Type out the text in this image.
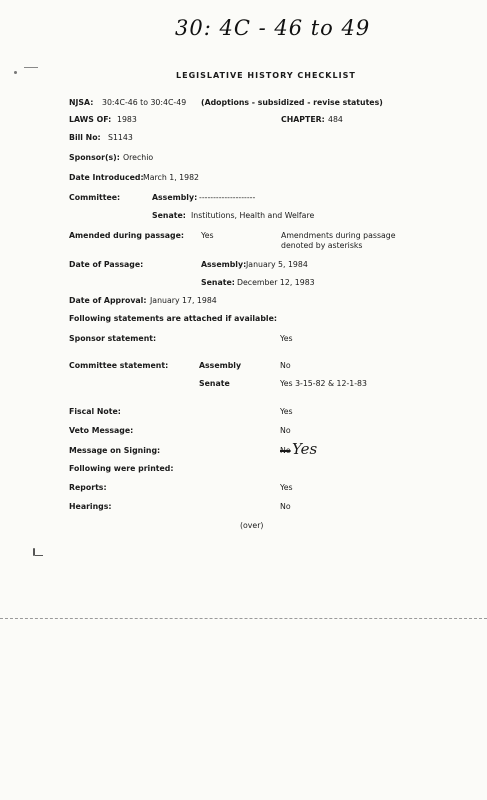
30: 4C - 46 to 49
LEGISLATIVE HISTORY CHECKLIST
NJSA: 30:4C-46 to 30:4C-49 (Adoptions - subsidized - revise statutes)
LAWS OF: 1983	CHAPTER: 484
Bill No: S1143
Sponsor(s): Orechio
Date Introduced: March 1, 1982
Committee:	Assembly: --------------------
Senate: Institutions, Health and Welfare
Amended during passage: Yes	Amendments during passage
denoted by asterisks
Date of Passage:	Assembly: January 5, 1984
Senate: December 12, 1983
Date of Approval: January 17, 1984
Following statements are attached if available:
Sponsor statement:	Yes
Committee statement:	Assembly	No
Senate	Yes 3-15-82 & 12-1-83
Fiscal Note:	Yes
Veto Message:	No
Message on Signing:	No Yes
Following were printed:
Reports:	Yes
Hearings:	No
(over)
